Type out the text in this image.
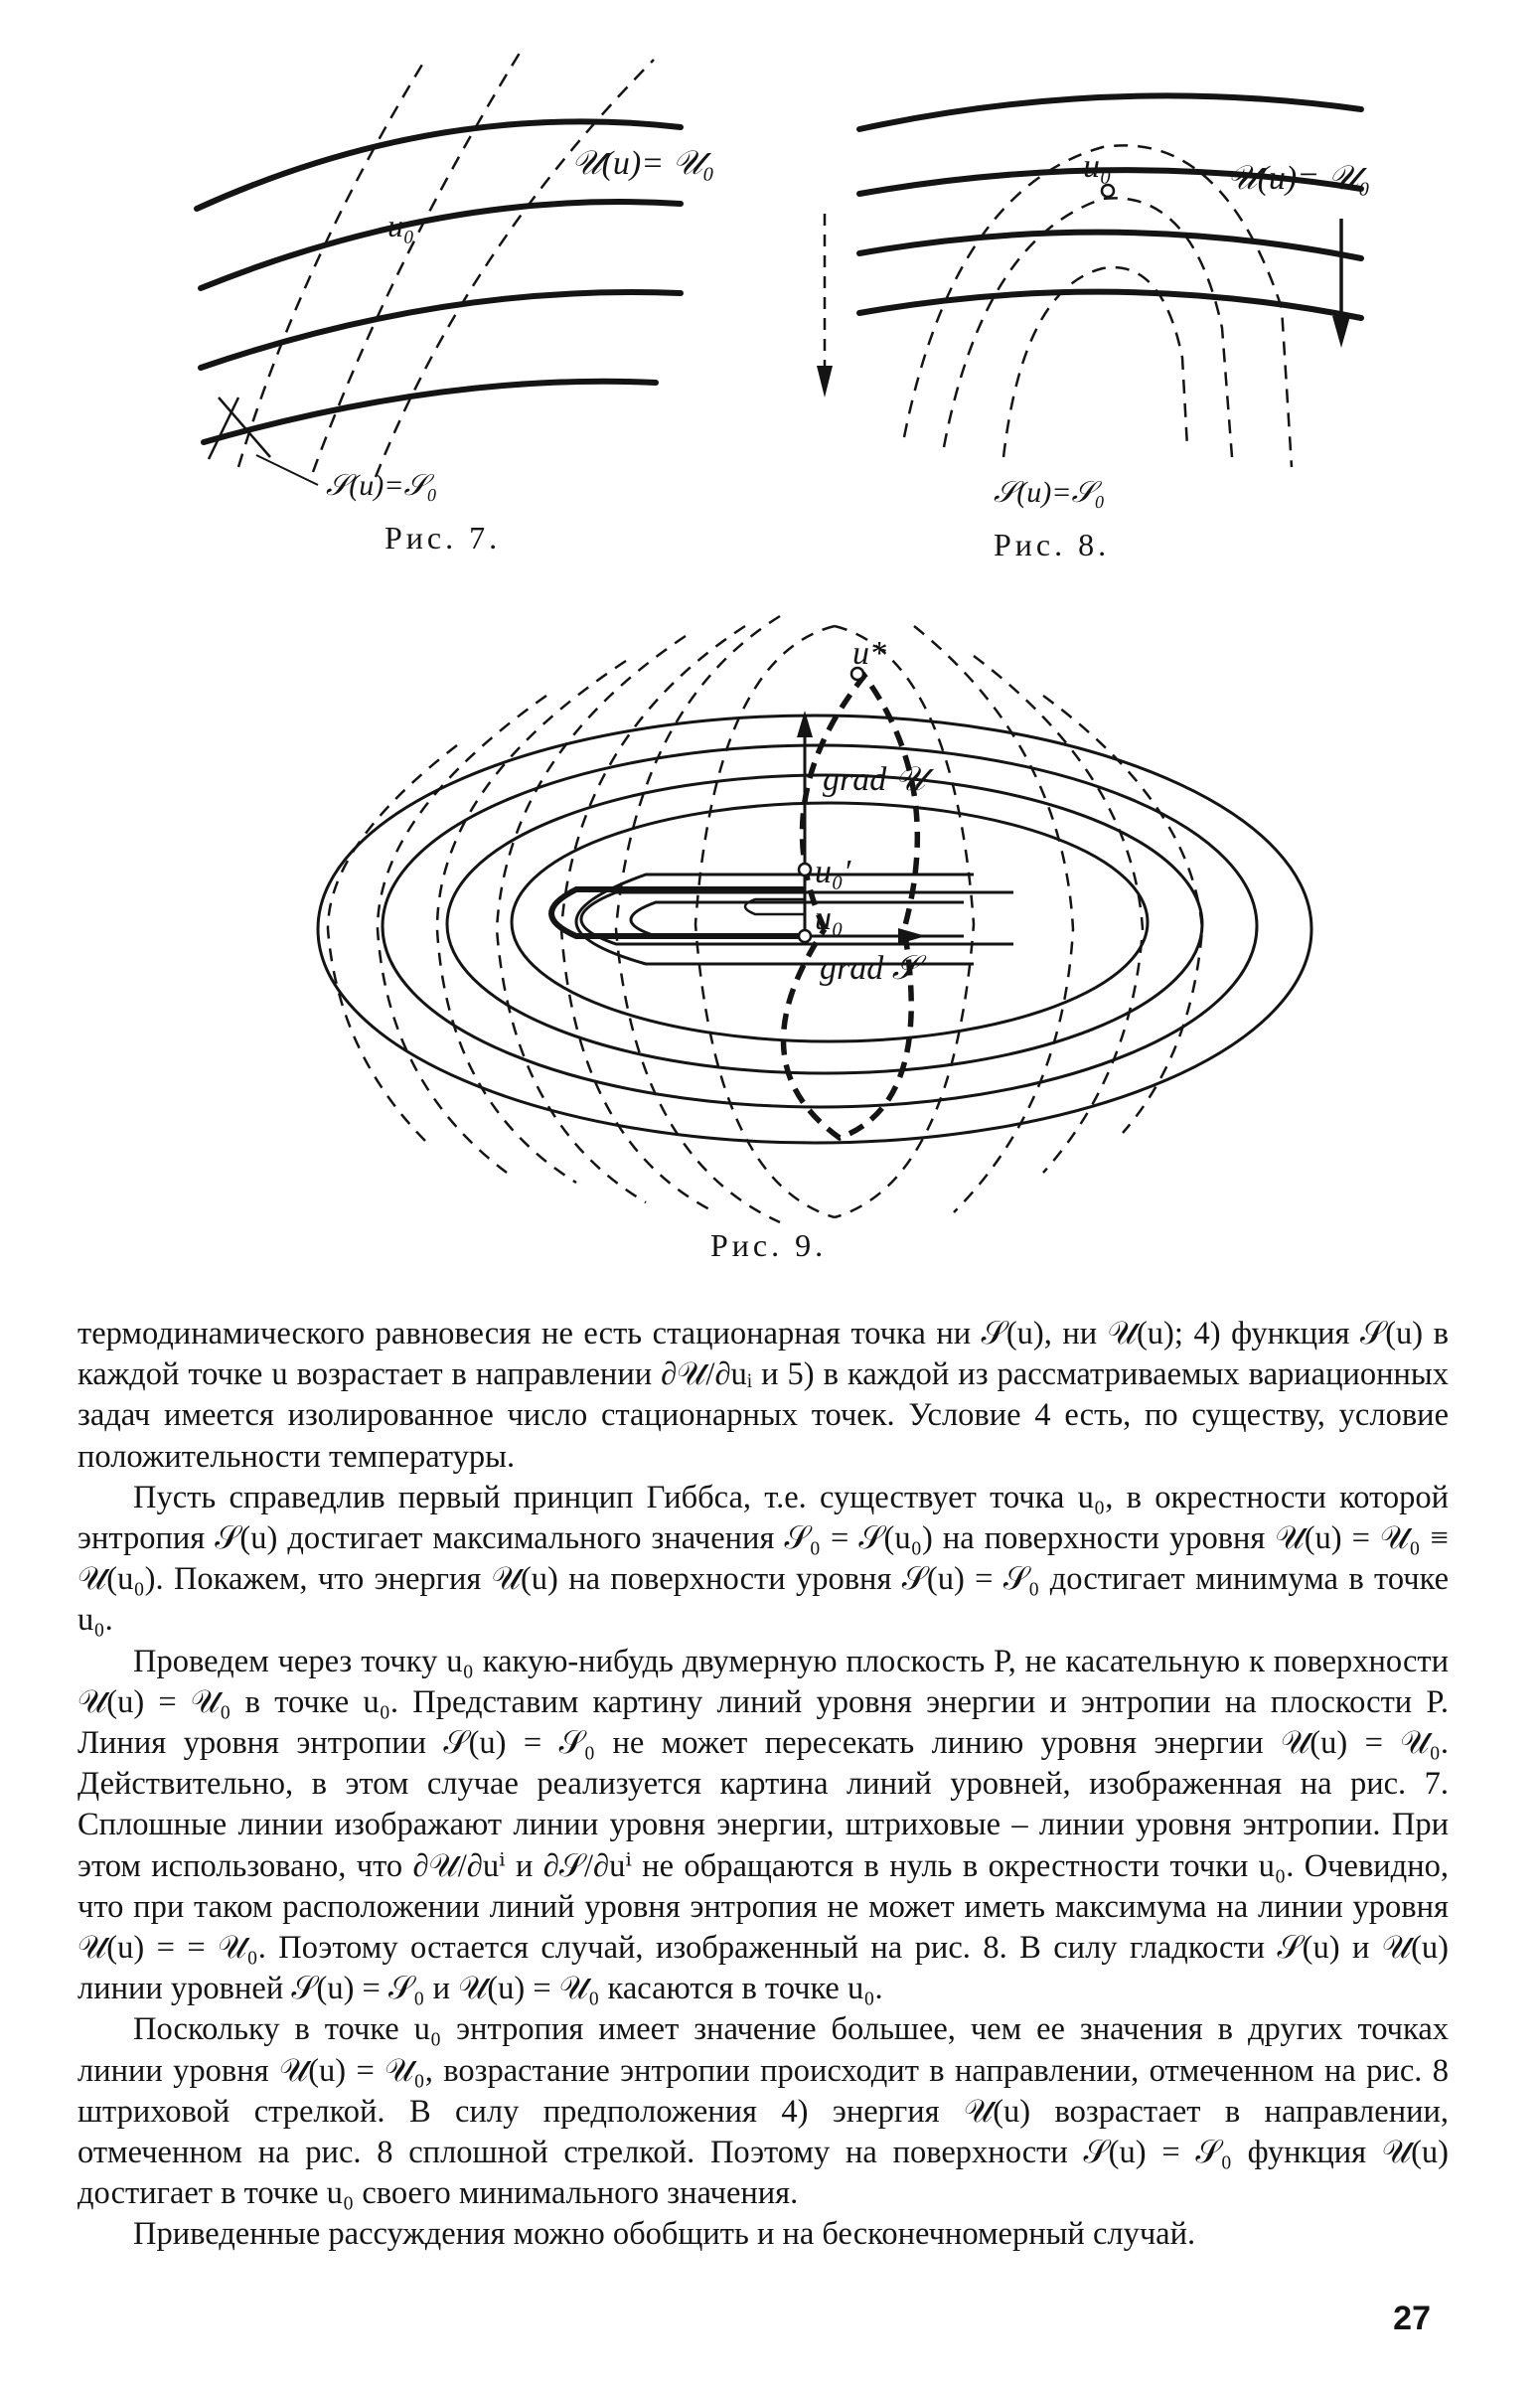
𝒰(u)= 𝒰₀
u₀
𝒮(u)=𝒮₀
Рис. 7.
u₀	𝒰(u)= 𝒰₀
𝒮(u)=𝒮₀
Рис. 8.
u*
grad 𝒰
u₀′
u₀
grad 𝒮
Рис. 9.

термодинамического равновесия не есть стационарная точка ни 𝒮(u), ни 𝒰(u); 4) функция 𝒮(u) в каждой точке u возрастает в направлении ∂𝒰/∂uᵢ и 5) в каждой из рассматриваемых вариационных задач имеется изолированное число стационарных точек. Условие 4 есть, по существу, условие положительности температуры.

Пусть справедлив первый принцип Гиббса, т.е. существует точка u₀, в окрестности которой энтропия 𝒮(u) достигает максимального значения 𝒮₀ = 𝒮(u₀) на поверхности уровня 𝒰(u) = 𝒰₀ ≡ 𝒰(u₀). Покажем, что энергия 𝒰(u) на поверхности уровня 𝒮(u) = 𝒮₀ достигает минимума в точке u₀.

Проведем через точку u₀ какую-нибудь двумерную плоскость P, не касательную к поверхности 𝒰(u) = 𝒰₀ в точке u₀. Представим картину линий уровня энергии и энтропии на плоскости P. Линия уровня энтропии 𝒮(u) = 𝒮₀ не может пересекать линию уровня энергии 𝒰(u) = 𝒰₀. Действительно, в этом случае реализуется картина линий уровней, изображенная на рис. 7. Сплошные линии изображают линии уровня энергии, штриховые – линии уровня энтропии. При этом использовано, что ∂𝒰/∂uⁱ и ∂𝒮/∂uⁱ не обращаются в нуль в окрестности точки u₀. Очевидно, что при таком расположении линий уровня энтропия не может иметь максимума на линии уровня 𝒰(u) = = 𝒰₀. Поэтому остается случай, изображенный на рис. 8. В силу гладкости 𝒮(u) и 𝒰(u) линии уровней 𝒮(u) = 𝒮₀ и 𝒰(u) = 𝒰₀ касаются в точке u₀.

Поскольку в точке u₀ энтропия имеет значение большее, чем ее значения в других точках линии уровня 𝒰(u) = 𝒰₀, возрастание энтропии происходит в направлении, отмеченном на рис. 8 штриховой стрелкой. В силу предположения 4) энергия 𝒰(u) возрастает в направлении, отмеченном на рис. 8 сплошной стрелкой. Поэтому на поверхности 𝒮(u) = 𝒮₀ функция 𝒰(u) достигает в точке u₀ своего минимального значения.

Приведенные рассуждения можно обобщить и на бесконечномерный случай.

27
